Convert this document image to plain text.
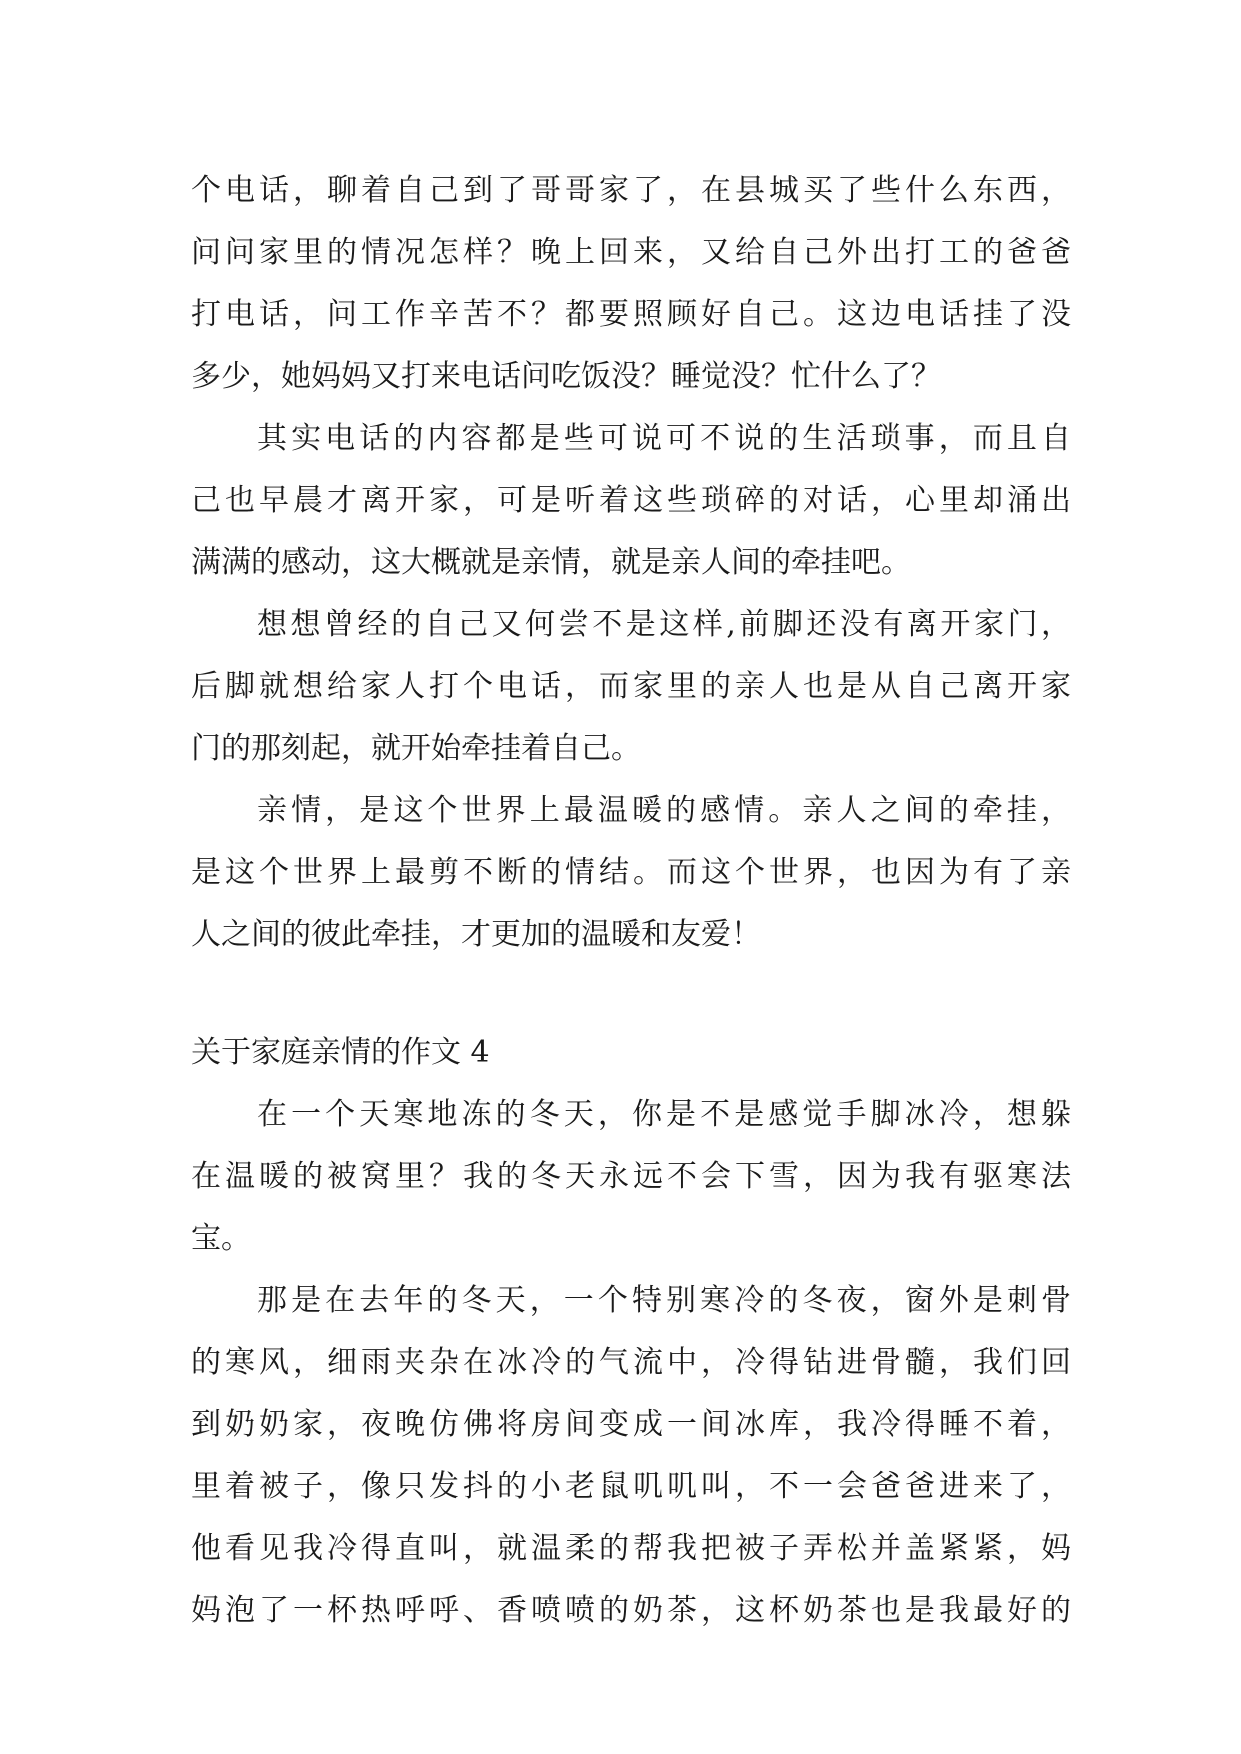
个电话，聊着自己到了哥哥家了，在县城买了些什么东西，
问问家里的情况怎样？晚上回来，又给自己外出打工的爸爸
打电话，问工作辛苦不？都要照顾好自己。这边电话挂了没
多少，她妈妈又打来电话问吃饭没？睡觉没？忙什么了？
其实电话的内容都是些可说可不说的生活琐事，而且自
己也早晨才离开家，可是听着这些琐碎的对话，心里却涌出
满满的感动，这大概就是亲情，就是亲人间的牵挂吧。
想想曾经的自己又何尝不是这样,前脚还没有离开家门，
后脚就想给家人打个电话，而家里的亲人也是从自己离开家
门的那刻起，就开始牵挂着自己。
亲情，是这个世界上最温暖的感情。亲人之间的牵挂，
是这个世界上最剪不断的情结。而这个世界，也因为有了亲
人之间的彼此牵挂，才更加的温暖和友爱！
关于家庭亲情的作文 4
在一个天寒地冻的冬天，你是不是感觉手脚冰冷，想躲
在温暖的被窝里？我的冬天永远不会下雪，因为我有驱寒法
宝。
那是在去年的冬天，一个特别寒冷的冬夜，窗外是刺骨
的寒风，细雨夹杂在冰冷的气流中，冷得钻进骨髓，我们回
到奶奶家，夜晚仿佛将房间变成一间冰库，我冷得睡不着，
里着被子，像只发抖的小老鼠叽叽叫，不一会爸爸进来了，
他看见我冷得直叫，就温柔的帮我把被子弄松并盖紧紧，妈
妈泡了一杯热呼呼、香喷喷的奶茶，这杯奶茶也是我最好的
